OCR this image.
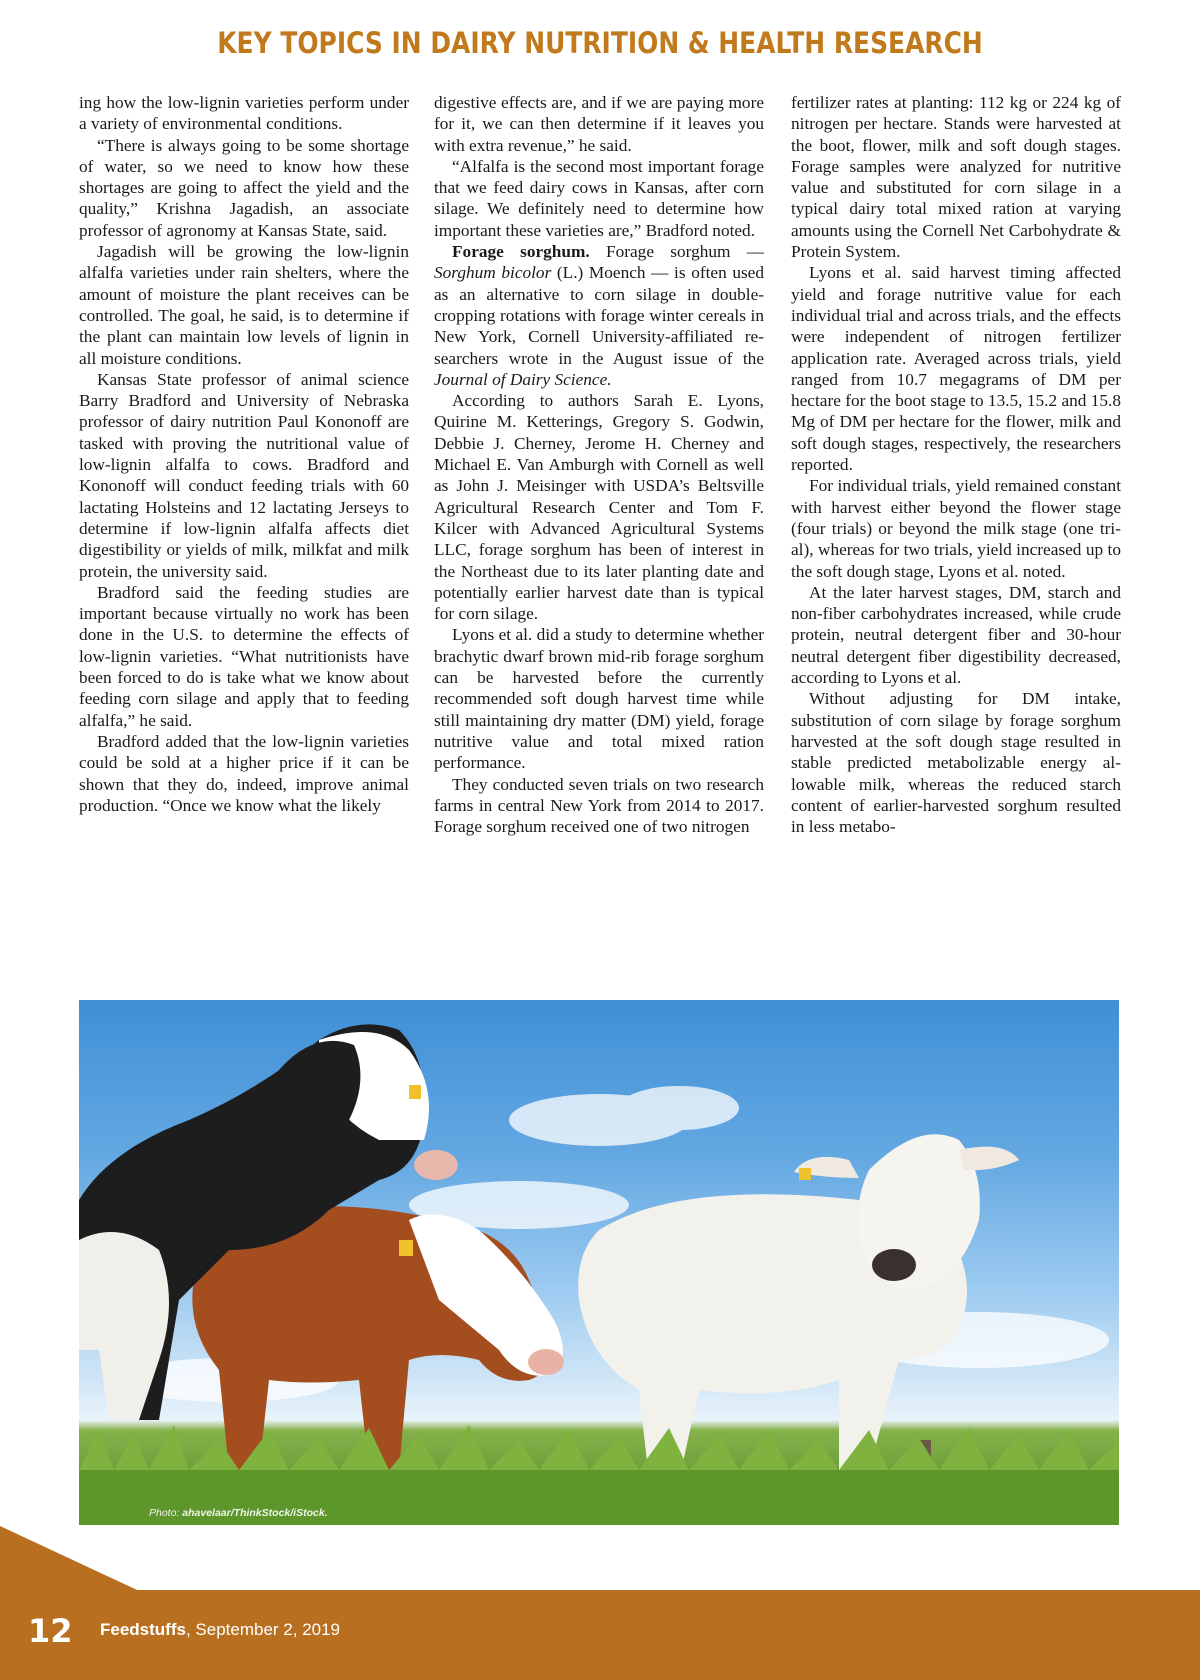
KEY TOPICS IN DAIRY NUTRITION & HEALTH RESEARCH

ing how the low-lignin varieties perform under a variety of environmental conditions.

“There is always going to be some shortage of water, so we need to know how these shortages are going to affect the yield and the quality,” Krishna Jagadish, an associate professor of agronomy at Kansas State, said.

Jagadish will be growing the low-lignin alfalfa varieties under rain shelters, where the amount of moisture the plant receives can be controlled. The goal, he said, is to determine if the plant can maintain low levels of lignin in all moisture conditions.

Kansas State professor of animal science Barry Bradford and University of Nebraska professor of dairy nutrition Paul Kononoff are tasked with proving the nutritional value of low-lignin alfalfa to cows. Bradford and Kononoff will conduct feeding trials with 60 lactating Holsteins and 12 lactating Jerseys to determine if low-lignin alfalfa affects diet digestibility or yields of milk, milkfat and milk protein, the university said.

Bradford said the feeding studies are important because virtually no work has been done in the U.S. to determine the effects of low-lignin varieties. “What nutritionists have been forced to do is take what we know about feeding corn silage and apply that to feeding alfalfa,” he said.

Bradford added that the low-lignin varieties could be sold at a higher price if it can be shown that they do, indeed, improve animal production. “Once we know what the likely

digestive effects are, and if we are paying more for it, we can then determine if it leaves you with extra revenue,” he said.

“Alfalfa is the second most important forage that we feed dairy cows in Kansas, after corn silage. We definitely need to determine how important these varieties are,” Bradford noted.

Forage sorghum. Forage sorghum — Sorghum bicolor (L.) Moench — is often used as an alternative to corn silage in double-cropping rotations with forage winter cereals in New York, Cornell University-affiliated researchers wrote in the August issue of the Journal of Dairy Science.

According to authors Sarah E. Lyons, Quirine M. Ketterings, Gregory S. Godwin, Debbie J. Cherney, Jerome H. Cherney and Michael E. Van Amburgh with Cornell as well as John J. Meisinger with USDA’s Beltsville Agricultural Research Center and Tom F. Kilcer with Advanced Agricultural Systems LLC, forage sorghum has been of interest in the Northeast due to its later planting date and potentially earlier harvest date than is typical for corn silage.

Lyons et al. did a study to determine whether brachytic dwarf brown mid-rib forage sorghum can be harvested before the currently recommended soft dough harvest time while still maintaining dry matter (DM) yield, forage nutritive value and total mixed ration performance.

They conducted seven trials on two research farms in central New York from 2014 to 2017. Forage sorghum received one of two nitrogen

fertilizer rates at planting: 112 kg or 224 kg of nitrogen per hectare. Stands were harvested at the boot, flower, milk and soft dough stages. Forage samples were analyzed for nutritive value and substituted for corn silage in a typical dairy total mixed ration at varying amounts using the Cornell Net Carbohydrate & Protein System.

Lyons et al. said harvest timing affected yield and forage nutritive value for each individual trial and across trials, and the effects were independent of nitrogen fertilizer application rate. Averaged across trials, yield ranged from 10.7 megagrams of DM per hectare for the boot stage to 13.5, 15.2 and 15.8 Mg of DM per hectare for the flower, milk and soft dough stages, respectively, the researchers reported.

For individual trials, yield remained constant with harvest either beyond the flower stage (four trials) or beyond the milk stage (one trial), whereas for two trials, yield increased up to the soft dough stage, Lyons et al. noted.

At the later harvest stages, DM, starch and non-fiber carbohydrates increased, while crude protein, neutral detergent fiber and 30-hour neutral detergent fiber digestibility decreased, according to Lyons et al.

Without adjusting for DM intake, substitution of corn silage by forage sorghum harvested at the soft dough stage resulted in stable predicted metabolizable energy allowable milk, whereas the reduced starch content of earlier-harvested sorghum resulted in less metabo-

Photo: ahavelaar/ThinkStock/iStock.
12 Feedstuffs, September 2, 2019
